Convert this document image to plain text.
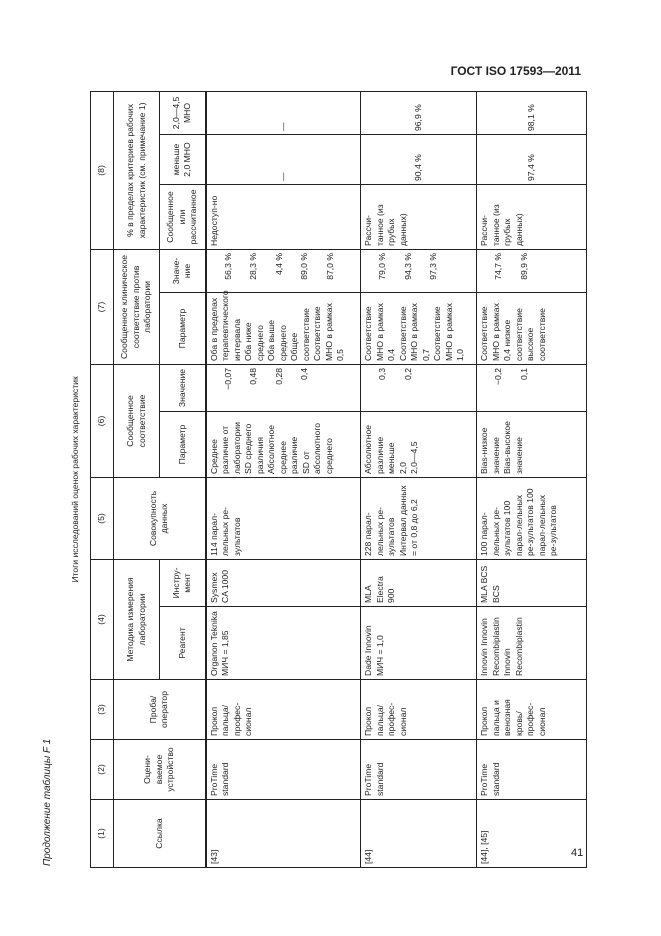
ГОСТ ISO 17593—2011
41
Продолжение таблицы F 1
Итоги исследований оценок рабочих характеристик												
(1)	(2)	(3)	(4)		(5)	(6)		(7)		(8)		
Ссылка	Оцени-ваемое устройство	Проба/ оператор	Методика измерения лаборатории		Совокупность данных	Сообщенное соответствие		Сообщенное клиническое соответствие против лаборатории		% в пределах критериев рабочих характеристик (см. примечание 1)		
			Реагент	Инстру-мент		Параметр	Значение	Параметр	Значе-ние	Сообщенное или рассчитанное	меньше 2,0 МНО	2,0—4,5 МНО
[43]	ProTime standard	Прокол пальца/ профес-сионал	Organon Teknika МИЧ = 1,85	Sysmex CA 1000	114 парал-лельных ре-зультатов	Среднее различие от лаборатории SD среднего различия Абсолютное среднее различие SD от абсолютного среднего	−0,07 0,48 0,28 0,4	Оба в пределах терапевтического интервала Оба ниже среднего Оба выше среднего Общее соответствие Соответствие МНО в рамках 0,5	56,3 % 28,3 % 4,4 % 89,0 % 87,0 %	Недоступ-но	—	—
[44]	ProTime standard	Прокол пальца/ профес-сионал	Dade Innovin МИЧ = 1,0	MLA Electra 900	228 парал-лельных ре-зультатов Интервал данных = от 0,8 до 6,2	Абсолютное различие меньше 2,0 2,0—4,5	0,3 0,2	Соответствие МНО в рамках 0,4 Соответствие МНО в рамках 0,7 Соответствие МНО в рамках 1,0	79,0 % 94,3 % 97,3 %	Рассчи-танное (из грубых данных)	90,4 %	96,9 %
[44], [45]	ProTime standard	Прокол пальца и венозная кровь/ профес-сионал	Innovin Innovin Recombiplastin Innovin Recombiplastin	MLA BCS BCS	100 парал-лельных ре-зультатов 100 парал-лельных ре-зультатов 100 парал-лельных ре-зультатов	Bias-низкое значение Bias-высокое значение	−0,2 0,1	Соответствие МНО в рамках 0,4 низкое соответствие высокое соответствие	74,7 % 89,9 %	Рассчи-танное (из грубых данных)	97,4 %	98,1 %
